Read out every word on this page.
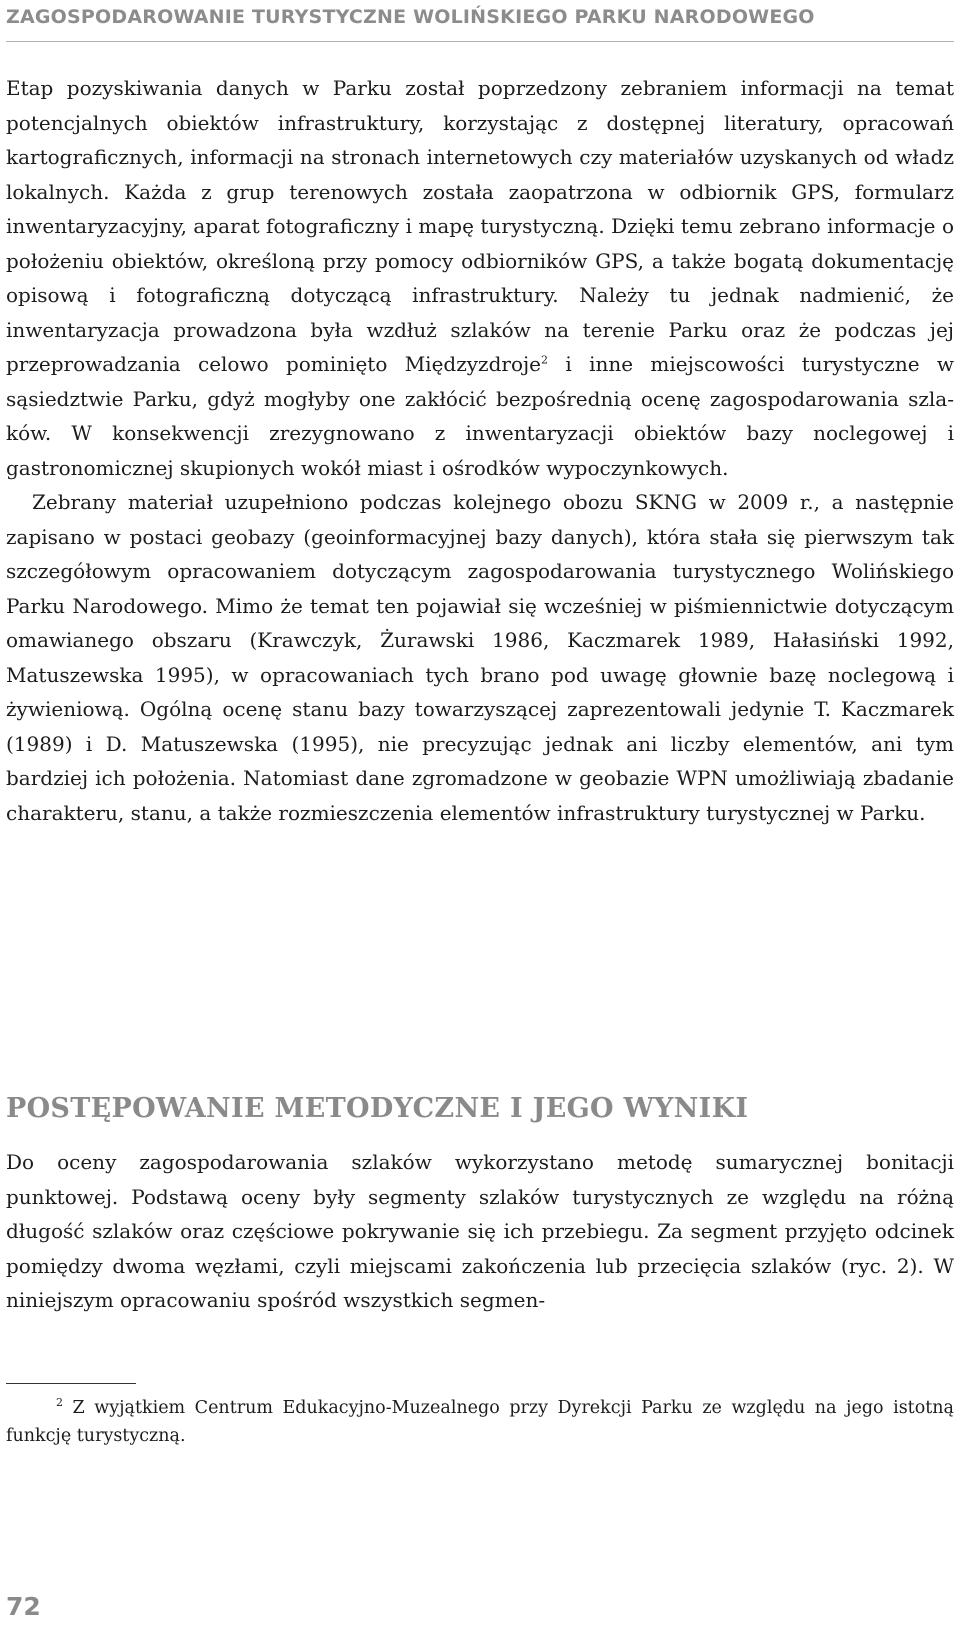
ZAGOSPODAROWANIE TURYSTYCZNE WOLIŃSKIEGO PARKU NARODOWEGO

Etap pozyskiwania danych w Parku został poprzedzony zebraniem informacji na temat potencjalnych obiektów infrastruktury, korzystając z dostępnej literatury, opracowań kartograficznych, informacji na stronach internetowych czy materiałów uzyskanych od władz lokalnych. Każda z grup terenowych została zaopatrzona w odbiornik GPS, formularz inwentaryzacyjny, aparat fotograficzny i mapę turystyczną. Dzięki temu zebrano informacje o położeniu obiektów, określoną przy pomocy odbiorników GPS, a także bogatą dokumentację opisową i fotograficzną dotyczącą infrastruktury. Należy tu jednak nadmienić, że inwentaryzacja prowadzona była wzdłuż szlaków na terenie Parku oraz że podczas jej przeprowadzania celowo pominięto Międzyzdroje$^2$ i inne miejscowości turystyczne w sąsiedztwie Parku, gdyż mogłyby one zakłócić bezpośrednią ocenę zagospodarowania szlaków. W konsekwencji zrezygnowano z inwentaryzacji obiektów bazy noclegowej i gastronomicznej skupionych wokół miast i ośrodków wypoczynkowych.

Zebrany materiał uzupełniono podczas kolejnego obozu SKNG w 2009 r., a następnie zapisano w postaci geobazy (geoinformacyjnej bazy danych), która stała się pierwszym tak szczegółowym opracowaniem dotyczącym zagospodarowania turystycznego Wolińskiego Parku Narodowego. Mimo że temat ten pojawiał się wcześniej w piśmiennictwie dotyczącym omawianego obszaru (Krawczyk, Żurawski 1986, Kaczmarek 1989, Hałasiński 1992, Matuszewska 1995), w opracowaniach tych brano pod uwagę głownie bazę noclegową i żywieniową. Ogólną ocenę stanu bazy towarzyszącej zaprezentowali jedynie T. Kaczmarek (1989) i D. Matuszewska (1995), nie precyzując jednak ani liczby elementów, ani tym bardziej ich położenia. Natomiast dane zgromadzone w geobazie WPN umożliwiają zbadanie charakteru, stanu, a także rozmieszczenia elementów infrastruktury turystycznej w Parku.

POSTĘPOWANIE METODYCZNE I JEGO WYNIKI

Do oceny zagospodarowania szlaków wykorzystano metodę sumarycznej bonitacji punktowej. Podstawą oceny były segmenty szlaków turystycznych ze względu na różną długość szlaków oraz częściowe pokrywanie się ich przebiegu. Za segment przyjęto odcinek pomiędzy dwoma węzłami, czyli miejscami zakończenia lub przecięcia szlaków (ryc. 2). W niniejszym opracowaniu spośród wszystkich segmen-

$^2$ Z wyjątkiem Centrum Edukacyjno-Muzealnego przy Dyrekcji Parku ze względu na jego istotną funkcję turystyczną.

72
